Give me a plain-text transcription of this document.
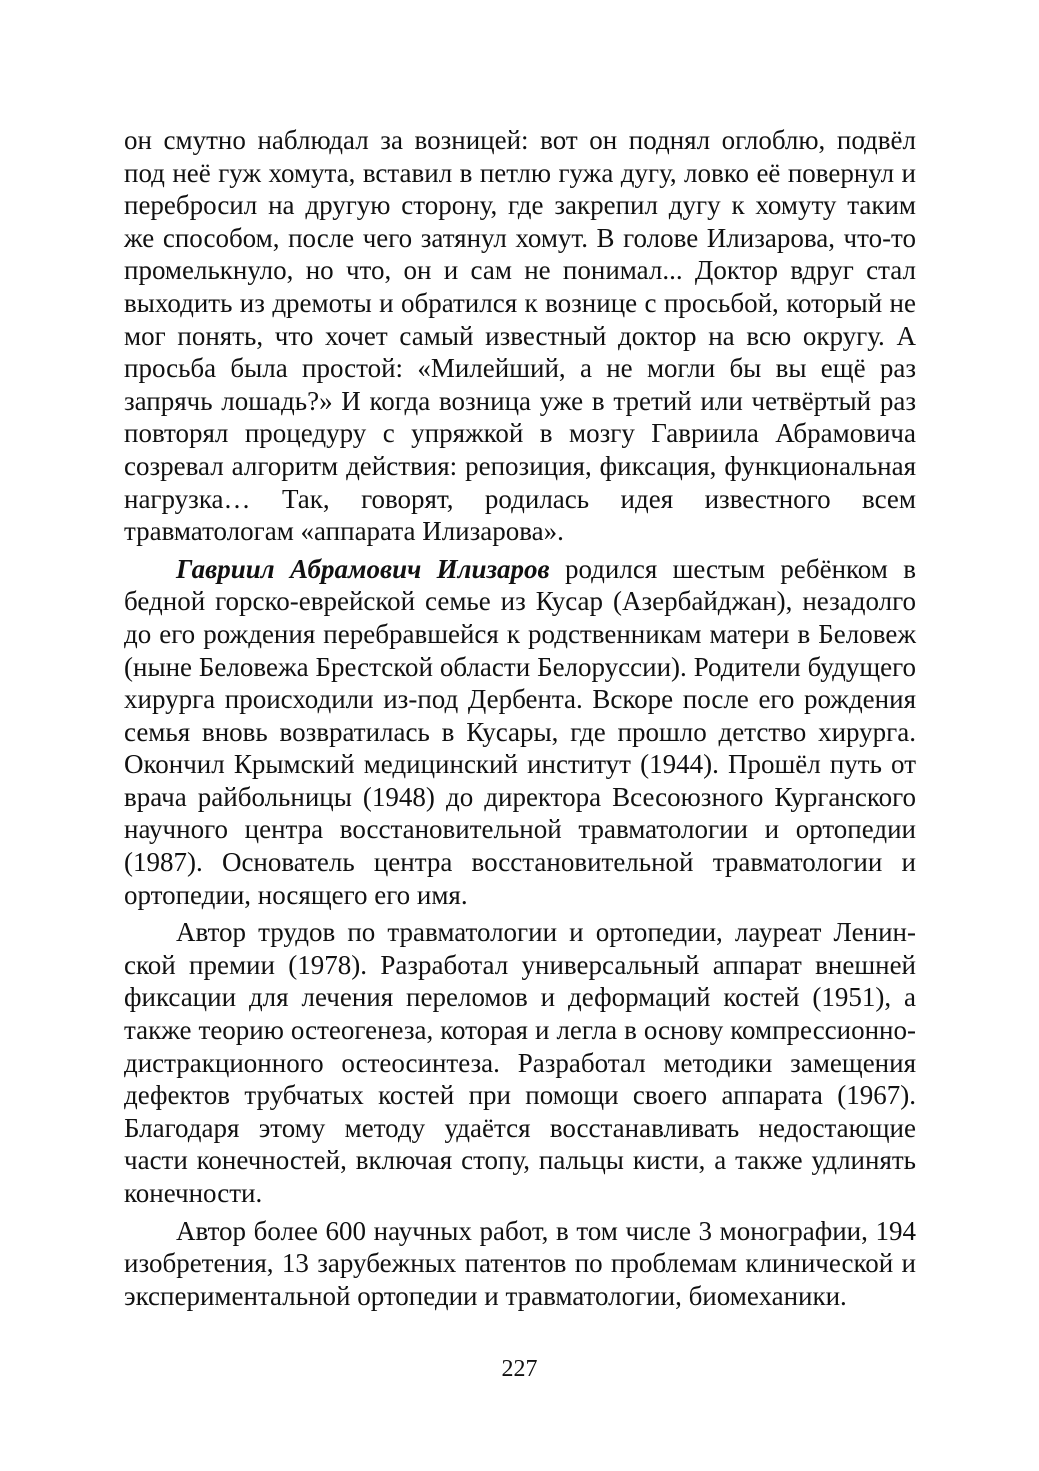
он смутно наблюдал за возницей: вот он поднял оглоблю, подвёл под неё гуж хомута, вставил в петлю гужа дугу, ловко её повернул и перебросил на другую сторону, где закрепил дугу к хомуту таким же способом, после чего затянул хомут. В голове Илизарова, что-то промелькнуло, но что, он и сам не понимал... Доктор вдруг стал выходить из дремоты и обратился к вознице с просьбой, который не мог понять, что хочет самый известный доктор на всю округу. А просьба была простой: «Милейший, а не могли бы вы ещё раз запрячь лошадь?» И когда возница уже в третий или четвёртый раз повторял процедуру с упряжкой в мозгу Гавриила Абрамовича созревал алгоритм действия: репозиция, фиксация, функциональная нагрузка… Так, говорят, родилась идея известного всем травматологам «аппарата Илизарова».

Гавриил Абрамович Илизаров родился шестым ребёнком в бедной горско-еврейской семье из Кусар (Азербайджан), незадолго до его рождения перебравшейся к родственникам матери в Беловеж (ныне Беловежа Брестской области Белоруссии). Родители будущего хирурга происходили из-под Дербента. Вскоре после его рождения семья вновь возвратилась в Кусары, где прошло детство хирурга. Окончил Крымский медицинский институт (1944). Прошёл путь от врача райбольницы (1948) до директора Всесоюзного Курганского научного центра восстановительной травматологии и ортопедии (1987). Основатель центра восстановительной травматологии и ортопедии, носящего его имя.

Автор трудов по травматологии и ортопедии, лауреат Ленинской премии (1978). Разработал универсальный аппарат внешней фиксации для лечения переломов и деформаций костей (1951), а также теорию остеогенеза, которая и легла в основу компрессионно-дистракционного остеосинтеза. Разработал методики замещения дефектов трубчатых костей при помощи своего аппарата (1967). Благодаря этому методу удаётся восстанавливать недостающие части конечностей, включая стопу, пальцы кисти, а также удлинять конечности.

Автор более 600 научных работ, в том числе 3 монографии, 194 изобретения, 13 зарубежных патентов по проблемам клинической и экспериментальной ортопедии и травматологии, биомеханики.

227
